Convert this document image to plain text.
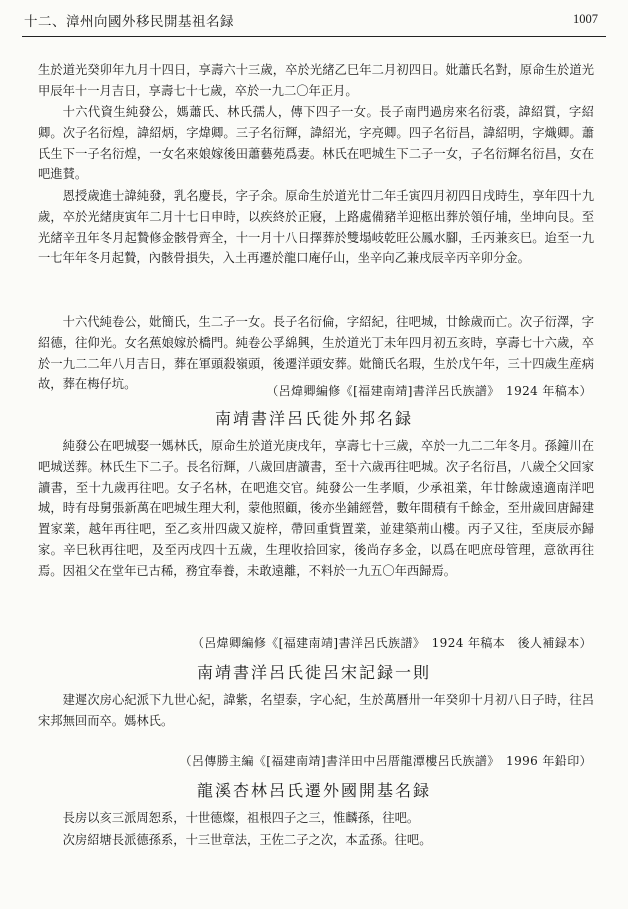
十二、漳州向國外移民開基祖名録	1007

生於道光癸卯年九月十四日，享壽六十三歲，卒於光緒乙巳年二月初四日。妣蕭氏名對，原命生於道光甲辰年十一月吉日，享壽七十七歲，卒於一九二〇年正月。

十六代資生純發公，媽蕭氏、林氏孺人，傳下四子一女。長子南門過房來名衍裘，諱紹質，字紹卿。次子名衍煌，諱紹炳，字煒卿。三子名衍輝，諱紹光，字亮卿。四子名衍昌，諱紹明，字熾卿。蕭氏生下一子名衍煌，一女名來娘嫁後田蕭藝苑爲妻。林氏在吧城生下二子一女，子名衍輝名衍昌，女在吧進賛。

恩授歲進士諱純發，乳名慶長，字子余。原命生於道光廿二年壬寅四月初四日戌時生，享年四十九歲，卒於光緒庚寅年二月十七日申時，以疾終於正寢，上路處備豬羊迎柩出葬於領仔埔，坐坤向艮。至光緒辛丑年冬月起贄修金骸骨齊全，十一月十八日擇葬於雙塌岐乾旺公鳳水腳，壬丙兼亥巳。迨至一九一七年年冬月起贄，內骸骨損失，入土再遷於龍口庵仔山，坐辛向乙兼戌辰辛丙辛卯分金。

十六代純卷公，妣簡氏，生二子一女。長子名衍倫，字紹紀，往吧城，廿餘歲而亡。次子衍澤，字紹德，往仰光。女名蕉娘嫁於橋門。純卷公孚綿興，生於道光丁未年四月初五亥時，享壽七十六歲，卒於一九二二年八月吉日，葬在軍頭殺嶺頭，後遷洋頭安葬。妣簡氏名瑕，生於戊午年，三十四歲生産病故，葬在梅仔坑。	（呂煒卿編修《[福建南靖]書洋呂氏族譜》　1924 年稿本）
南靖書洋呂氏徙外邦名録

純發公在吧城娶一媽林氏，原命生於道光庚戌年，享壽七十三歲，卒於一九二二年冬月。孫鐘川在吧城送葬。林氏生下二子。長名衍輝，八歲回唐讀書，至十六歲再往吧城。次子名衍昌，八歲仝父回家讀書，至十九歲再往吧。女子名林，在吧進交官。純發公一生孝順，少承祖業，年廿餘歲遠適南洋吧城，時有母舅張新萬在吧城生理大利，蒙他照顧，後亦坐鋪經營，數年間積有千餘金，至卅歲回唐歸建置家業，越年再往吧，至乙亥卅四歲又旋梓，帶回重貲置業，並建築荊山樓。丙子又往，至庚辰亦歸家。辛巳秋再往吧，及至丙戌四十五歲，生理收拾回家，後尚存多金，以爲在吧庶母管理，意欲再往焉。因祖父在堂年已古稀，務宜奉養，未敢遠離，不料於一九五〇年西歸焉。

（呂煒卿編修《[福建南靖]書洋呂氏族譜》　1924 年稿本　後人補録本）
南靖書洋呂氏徙呂宋記録一則

建遲次房心紀派下九世心紀，諱紫，名望泰，字心紀，生於萬曆卅一年癸卯十月初八日子時，往呂宋邦無回而卒。媽林氏。

（呂傳勝主編《[福建南靖]書洋田中呂厝龍潭樓呂氏族譜》　1996 年鉛印）
龍溪杏林呂氏遷外國開基名録

長房以亥三派周恕系，十世德燦，祖根四子之三，惟麟孫，往吧。

次房紹塘長派德孫系，十三世章法，王佐二子之次，本孟孫。往吧。
